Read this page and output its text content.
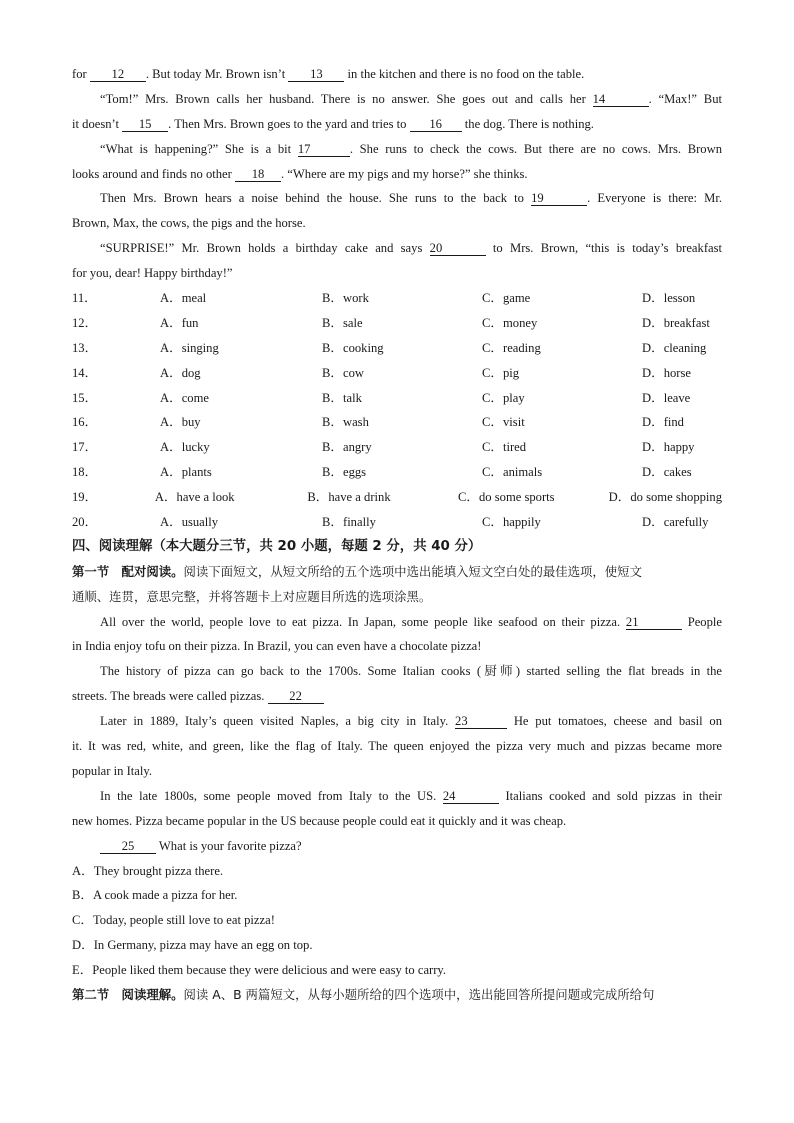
for 12 . But today Mr. Brown isn’t 13 in the kitchen and there is no food on the table.
“Tom!” Mrs. Brown calls her husband. There is no answer. She goes out and calls her 14	. “Max!” But
it doesn’t 15 . Then Mrs. Brown goes to the yard and tries to 16 the dog. There is nothing.
“What is happening?” She is a bit 17	. She runs to check the cows. But there are no cows. Mrs. Brown
looks around and finds no other 18 . “Where are my pigs and my horse?” she thinks.
Then Mrs. Brown hears a noise behind the house. She runs to the back to 19	. Everyone is there: Mr.
Brown, Max, the cows, the pigs and the horse.
“SURPRISE!” Mr. Brown holds a birthday cake and says 20	to Mrs. Brown, “this is today’s breakfast
for you, dear! Happy birthday!”
11．	A．meal	B．work	C．game	D．lesson
12．	A．fun	B．sale	C．money	D．breakfast
13．	A．singing	B．cooking	C．reading	D．cleaning
14．	A．dog	B．cow	C．pig	D．horse
15．	A．come	B．talk	C．play	D．leave
16．	A．buy	B．wash	C．visit	D．find
17．	A．lucky	B．angry	C．tired	D．happy
18．	A．plants	B．eggs	C．animals	D．cakes
19．	A．have a look	B．have a drink	C．do some sports	D．do some shopping
20．	A．usually	B．finally	C．happily	D．carefully
四、阅读理解（本大题分三节，共 20 小题，每题 2 分，共 40 分）
第一节　配对阅读。阅读下面短文，从短文所给的五个选项中选出能填入短文空白处的最佳选项，使短文
通顺、连贯，意思完整，并将答题卡上对应题目所选的选项涂黑。
All over the world, people love to eat pizza. In Japan, some people like seafood on their pizza. 21	People
in India enjoy tofu on their pizza. In Brazil, you can even have a chocolate pizza!
The history of pizza can go back to the 1700s. Some Italian cooks (厨师) started selling the flat breads in the
streets. The breads were called pizzas. 22
Later in 1889, Italy’s queen visited Naples, a big city in Italy. 23	He put tomatoes, cheese and basil on
it. It was red, white, and green, like the flag of Italy. The queen enjoyed the pizza very much and pizzas became more
popular in Italy.
In the late 1800s, some people moved from Italy to the US. 24	Italians cooked and sold pizzas in their
new homes. Pizza became popular in the US because people could eat it quickly and it was cheap.
25 What is your favorite pizza?
A．They brought pizza there.
B．A cook made a pizza for her.
C．Today, people still love to eat pizza!
D．In Germany, pizza may have an egg on top.
E．People liked them because they were delicious and were easy to carry.
第二节　阅读理解。阅读 A、B 两篇短文，从每小题所给的四个选项中，选出能回答所提问题或完成所给句
